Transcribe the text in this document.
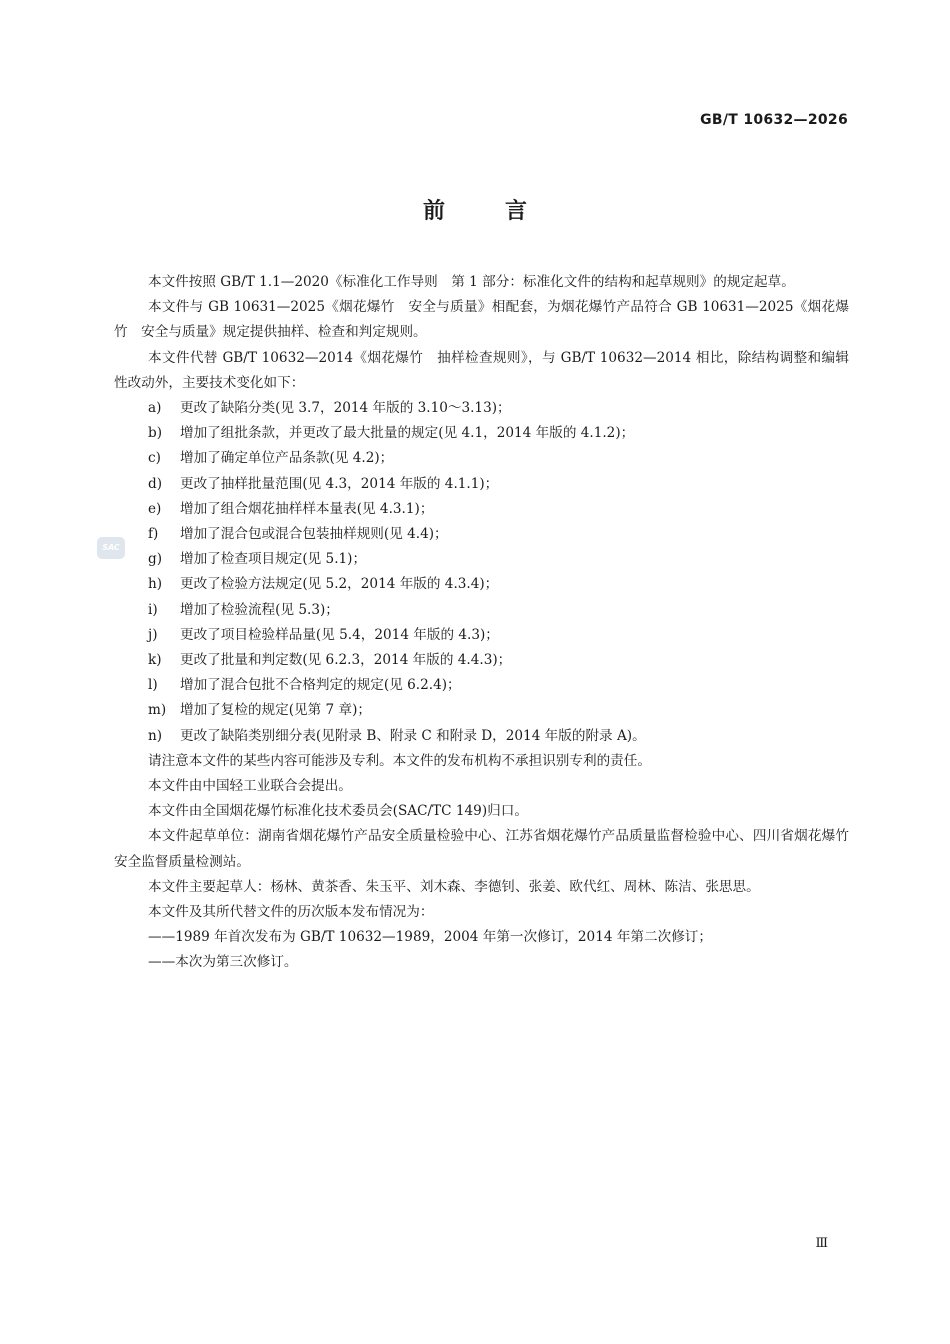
GB/T 10632—2026
前	言
SAC

本文件按照 GB/T 1.1—2020《标准化工作导则　第 1 部分：标准化文件的结构和起草规则》的规定起草。

本文件与 GB 10631—2025《烟花爆竹　安全与质量》相配套，为烟花爆竹产品符合 GB 10631—2025《烟花爆竹　安全与质量》规定提供抽样、检查和判定规则。

本文件代替 GB/T 10632—2014《烟花爆竹　抽样检查规则》，与 GB/T 10632—2014 相比，除结构调整和编辑性改动外，主要技术变化如下：

a) 更改了缺陷分类(见 3.7，2014 年版的 3.10～3.13)；

b) 增加了组批条款，并更改了最大批量的规定(见 4.1，2014 年版的 4.1.2)；

c) 增加了确定单位产品条款(见 4.2)；

d) 更改了抽样批量范围(见 4.3，2014 年版的 4.1.1)；

e) 增加了组合烟花抽样样本量表(见 4.3.1)；

f) 增加了混合包或混合包装抽样规则(见 4.4)；

g) 增加了检查项目规定(见 5.1)；

h) 更改了检验方法规定(见 5.2，2014 年版的 4.3.4)；

i) 增加了检验流程(见 5.3)；

j) 更改了项目检验样品量(见 5.4，2014 年版的 4.3)；

k) 更改了批量和判定数(见 6.2.3，2014 年版的 4.4.3)；

l) 增加了混合包批不合格判定的规定(见 6.2.4)；

m) 增加了复检的规定(见第 7 章)；

n) 更改了缺陷类别细分表(见附录 B、附录 C 和附录 D，2014 年版的附录 A)。

请注意本文件的某些内容可能涉及专利。本文件的发布机构不承担识别专利的责任。

本文件由中国轻工业联合会提出。

本文件由全国烟花爆竹标准化技术委员会(SAC/TC 149)归口。

本文件起草单位：湖南省烟花爆竹产品安全质量检验中心、江苏省烟花爆竹产品质量监督检验中心、四川省烟花爆竹安全监督质量检测站。

本文件主要起草人：杨林、黄茶香、朱玉平、刘木森、李德钊、张姜、欧代红、周林、陈洁、张思思。

本文件及其所代替文件的历次版本发布情况为：

——1989 年首次发布为 GB/T 10632—1989，2004 年第一次修订，2014 年第二次修订；

——本次为第三次修订。

Ⅲ
